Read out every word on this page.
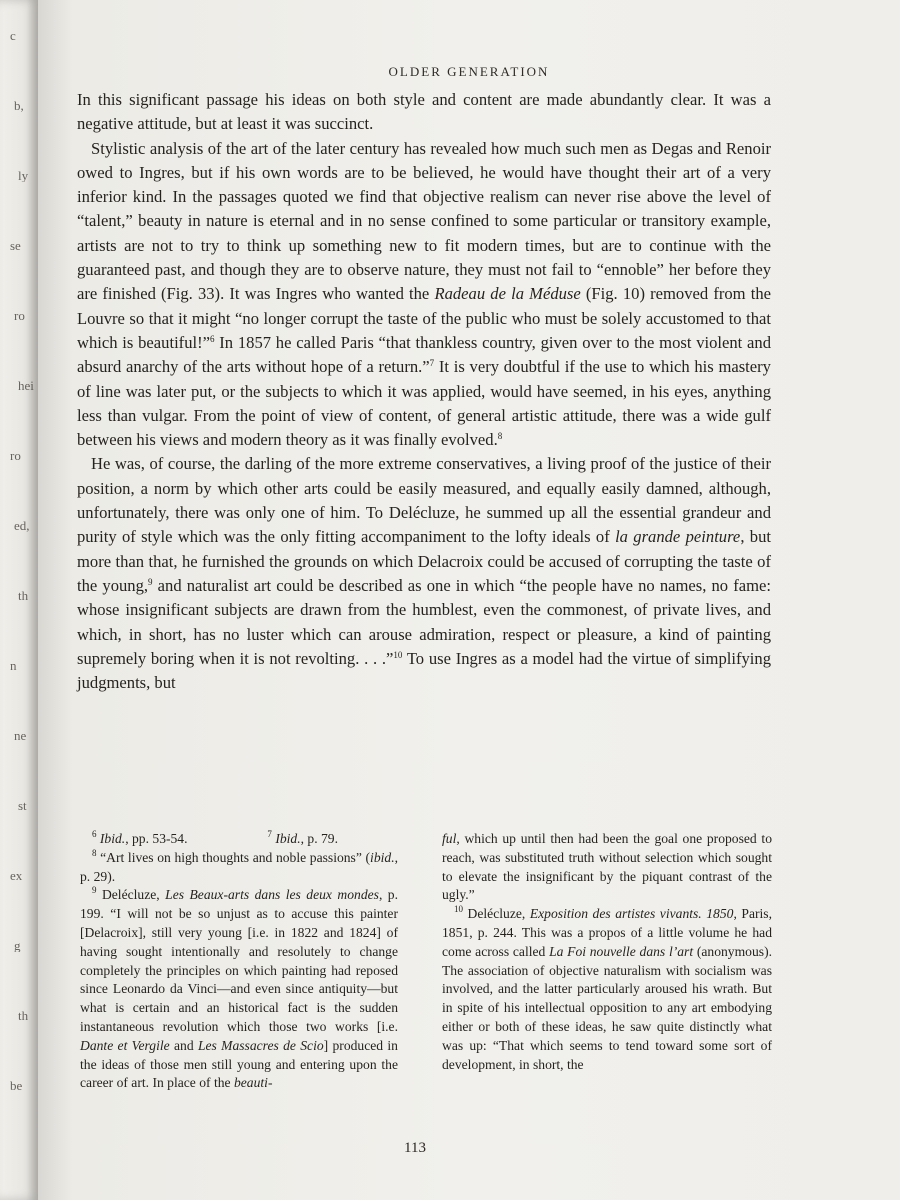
c
b,
ly
se
ro
hei
ro
ed,
th
n
ne
st
ex
g
th
be
OLDER GENERATION

In this significant passage his ideas on both style and content are made abundantly clear. It was a negative attitude, but at least it was succinct.

Stylistic analysis of the art of the later century has revealed how much such men as Degas and Renoir owed to Ingres, but if his own words are to be believed, he would have thought their art of a very inferior kind. In the passages quoted we find that objective realism can never rise above the level of “talent,” beauty in nature is eternal and in no sense confined to some particular or transitory example, artists are not to try to think up something new to fit modern times, but are to continue with the guaranteed past, and though they are to observe nature, they must not fail to “ennoble” her before they are finished (Fig. 33). It was Ingres who wanted the Radeau de la Méduse (Fig. 10) removed from the Louvre so that it might “no longer corrupt the taste of the public who must be solely accustomed to that which is beautiful!”$^6$ In 1857 he called Paris “that thankless country, given over to the most violent and absurd anarchy of the arts without hope of a return.”$^7$ It is very doubtful if the use to which his mastery of line was later put, or the subjects to which it was applied, would have seemed, in his eyes, anything less than vulgar. From the point of view of content, of general artistic attitude, there was a wide gulf between his views and modern theory as it was finally evolved.$^8$

He was, of course, the darling of the more extreme conservatives, a living proof of the justice of their position, a norm by which other arts could be easily measured, and equally easily damned, although, unfortunately, there was only one of him. To Delécluze, he summed up all the essential grandeur and purity of style which was the only fitting accompaniment to the lofty ideals of la grande peinture, but more than that, he furnished the grounds on which Delacroix could be accused of corrupting the taste of the young,$^9$ and naturalist art could be described as one in which “the people have no names, no fame: whose insignificant subjects are drawn from the humblest, even the commonest, of private lives, and which, in short, has no luster which can arouse admiration, respect or pleasure, a kind of painting supremely boring when it is not revolting. . . .”$^{10}$ To use Ingres as a model had the virtue of simplifying judgments, but

$^6$ Ibid., pp. 53-54.	$^7$ Ibid., p. 79.

$^8$ “Art lives on high thoughts and noble passions” (ibid., p. 29).

$^9$ Delécluze, Les Beaux-arts dans les deux mondes, p. 199. “I will not be so unjust as to accuse this painter [Delacroix], still very young [i.e. in 1822 and 1824] of having sought intentionally and resolutely to change completely the principles on which painting had reposed since Leonardo da Vinci—and even since antiquity—but what is certain and an historical fact is the sudden instantaneous revolution which those two works [i.e. Dante et Vergile and Les Massacres de Scio] produced in the ideas of those men still young and entering upon the career of art. In place of the beauti-

ful, which up until then had been the goal one proposed to reach, was substituted truth without selection which sought to elevate the insignificant by the piquant contrast of the ugly.”

$^{10}$ Delécluze, Exposition des artistes vivants. 1850, Paris, 1851, p. 244. This was a propos of a little volume he had come across called La Foi nouvelle dans l’art (anonymous). The association of objective naturalism with socialism was involved, and the latter particularly aroused his wrath. But in spite of his intellectual opposition to any art embodying either or both of these ideas, he saw quite distinctly what was up: “That which seems to tend toward some sort of development, in short, the

113
